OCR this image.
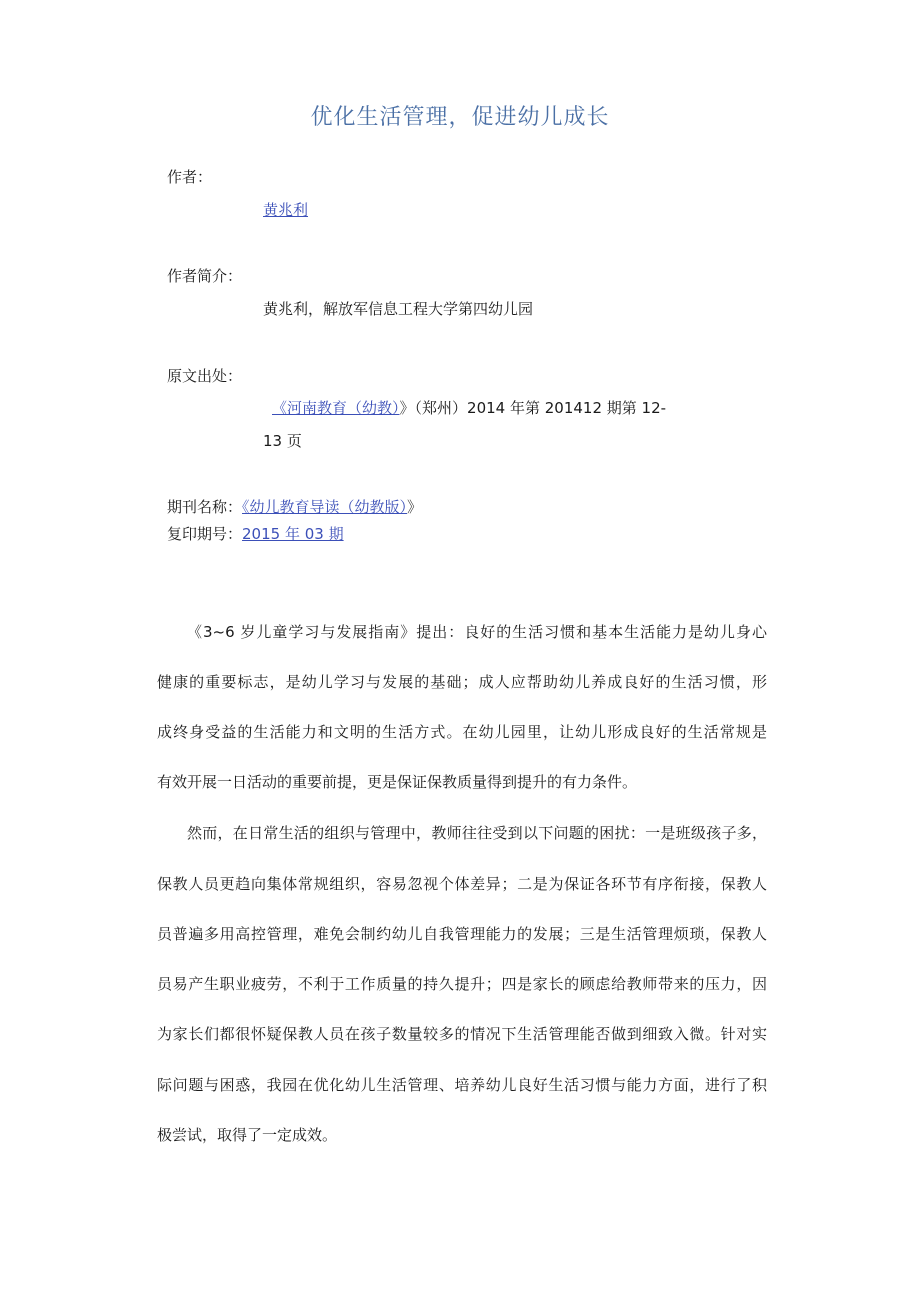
优化生活管理，促进幼儿成长
作者：
黄兆利
作者简介：
黄兆利，解放军信息工程大学第四幼儿园
原文出处：
《河南教育（幼教）》（郑州）2014 年第 201412 期第 12-
13 页
期刊名称：《幼儿教育导读（幼教版）》
复印期号：2015 年 03 期
《3~6 岁儿童学习与发展指南》提出：良好的生活习惯和基本生活能力是幼儿身心
健康的重要标志，是幼儿学习与发展的基础；成人应帮助幼儿养成良好的生活习惯，形
成终身受益的生活能力和文明的生活方式。在幼儿园里，让幼儿形成良好的生活常规是
有效开展一日活动的重要前提，更是保证保教质量得到提升的有力条件。
然而，在日常生活的组织与管理中，教师往往受到以下问题的困扰：一是班级孩子多，
保教人员更趋向集体常规组织，容易忽视个体差异；二是为保证各环节有序衔接，保教人
员普遍多用高控管理，难免会制约幼儿自我管理能力的发展；三是生活管理烦琐，保教人
员易产生职业疲劳，不利于工作质量的持久提升；四是家长的顾虑给教师带来的压力，因
为家长们都很怀疑保教人员在孩子数量较多的情况下生活管理能否做到细致入微。针对实
际问题与困惑，我园在优化幼儿生活管理、培养幼儿良好生活习惯与能力方面，进行了积
极尝试，取得了一定成效。
